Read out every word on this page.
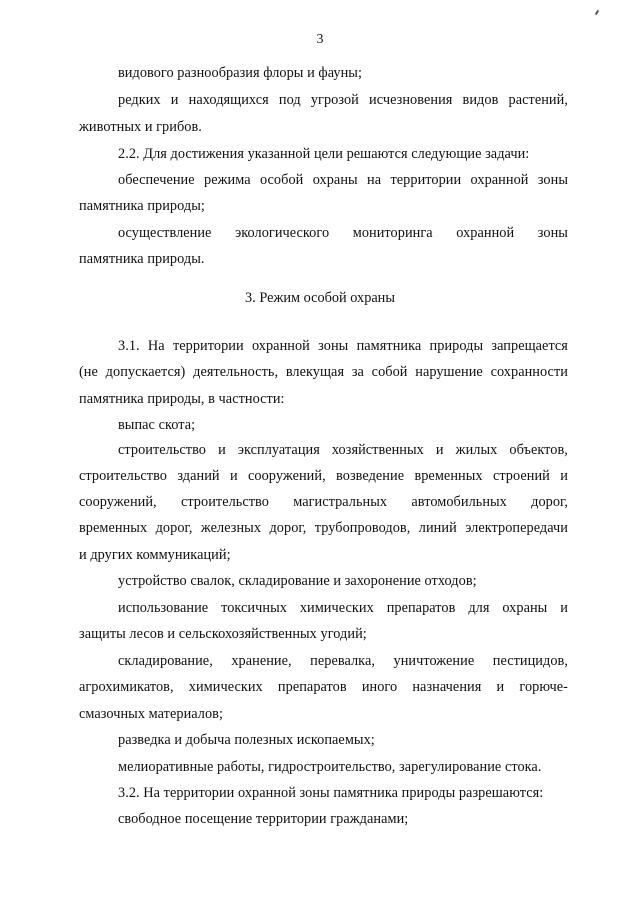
3
видового разнообразия флоры и фауны;
редких и находящихся под угрозой исчезновения видов растений,
животных и грибов.
2.2. Для достижения указанной цели решаются следующие задачи:
обеспечение режима особой охраны на территории охранной зоны
памятника природы;
осуществление экологического мониторинга охранной зоны
памятника природы.
3. Режим особой охраны
3.1. На территории охранной зоны памятника природы запрещается
(не допускается) деятельность, влекущая за собой нарушение сохранности
памятника природы, в частности:
выпас скота;
строительство и эксплуатация хозяйственных и жилых объектов,
строительство зданий и сооружений, возведение временных строений и
сооружений, строительство магистральных автомобильных дорог,
временных дорог, железных дорог, трубопроводов, линий электропередачи
и других коммуникаций;
устройство свалок, складирование и захоронение отходов;
использование токсичных химических препаратов для охраны и
защиты лесов и сельскохозяйственных угодий;
складирование, хранение, перевалка, уничтожение пестицидов,
агрохимикатов, химических препаратов иного назначения и горюче-
смазочных материалов;
разведка и добыча полезных ископаемых;
мелиоративные работы, гидростроительство, зарегулирование стока.
3.2. На территории охранной зоны памятника природы разрешаются:
свободное посещение территории гражданами;
